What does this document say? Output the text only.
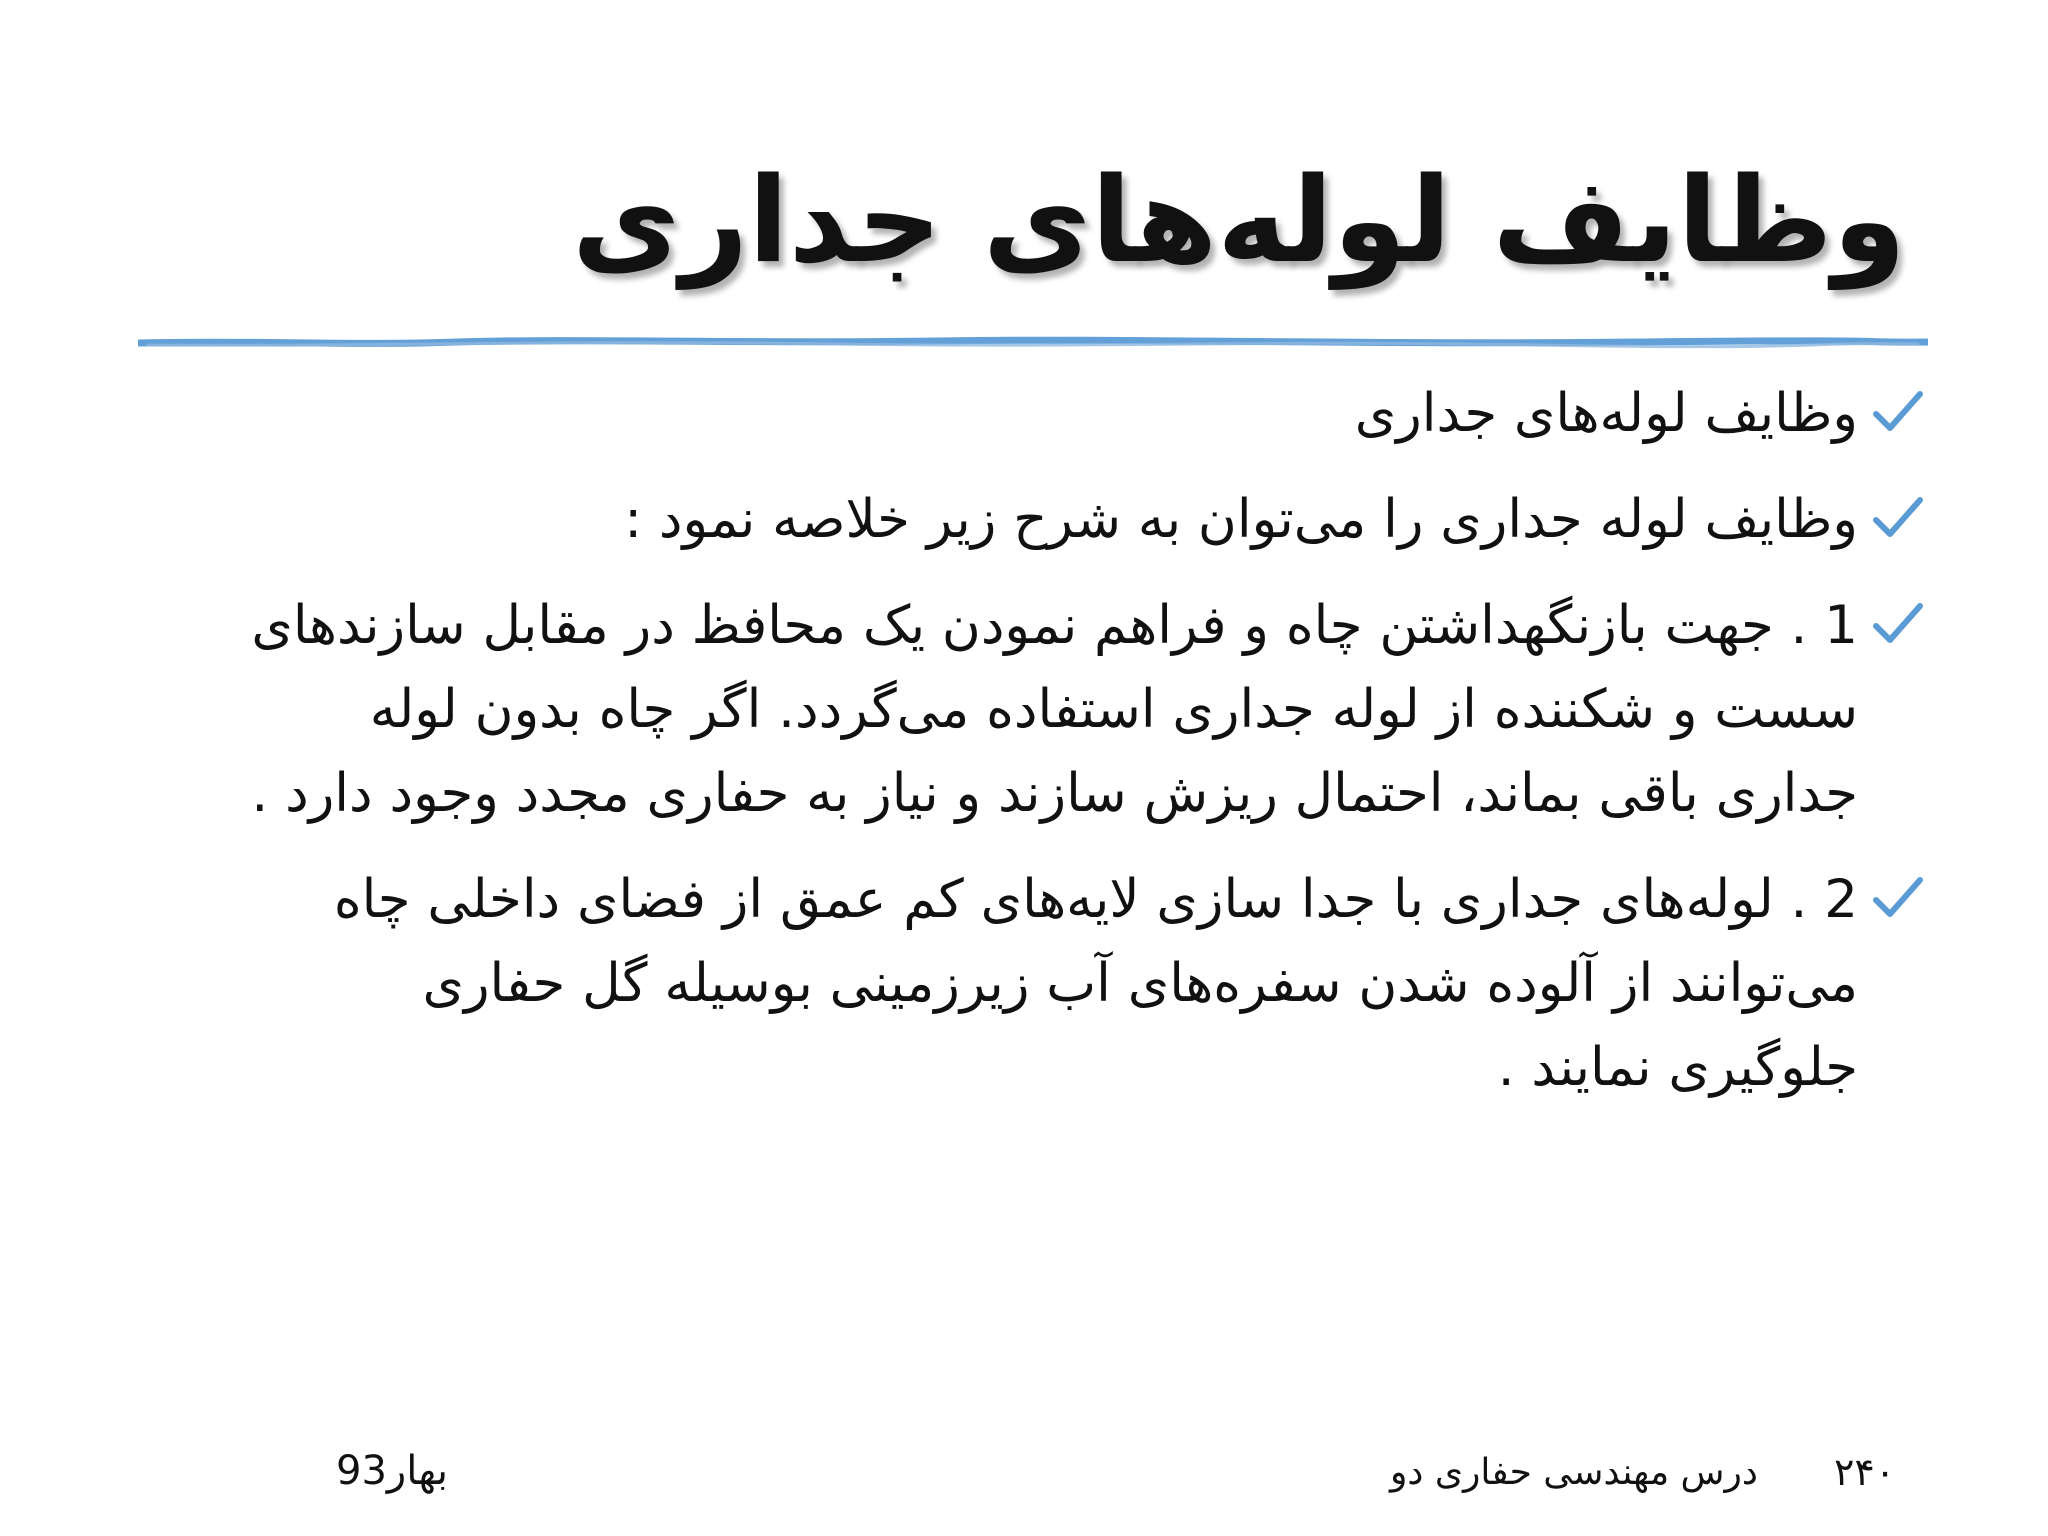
وظایف لوله‌های جداری
وظایف لوله‌های جداری
وظایف لوله جداری را می‌توان به شرح زیر خلاصه نمود :
1 . جهت بازنگهداشتن چاه و فراهم نمودن یک محافظ در مقابل سازندهای سست و شکننده از لوله جداری استفاده می‌گردد. اگر چاه بدون لوله جداری باقی بماند، احتمال ریزش سازند و نیاز به حفاری مجدد وجود دارد .
2 . لوله‌های جداری با جدا سازی لایه‌های کم عمق از فضای داخلی چاه می‌توانند از آلوده شدن سفره‌های آب زیرزمینی بوسیله گل حفاری جلوگیری نمایند .
بهار93	درس مهندسی حفاری دو ۲۴۰
